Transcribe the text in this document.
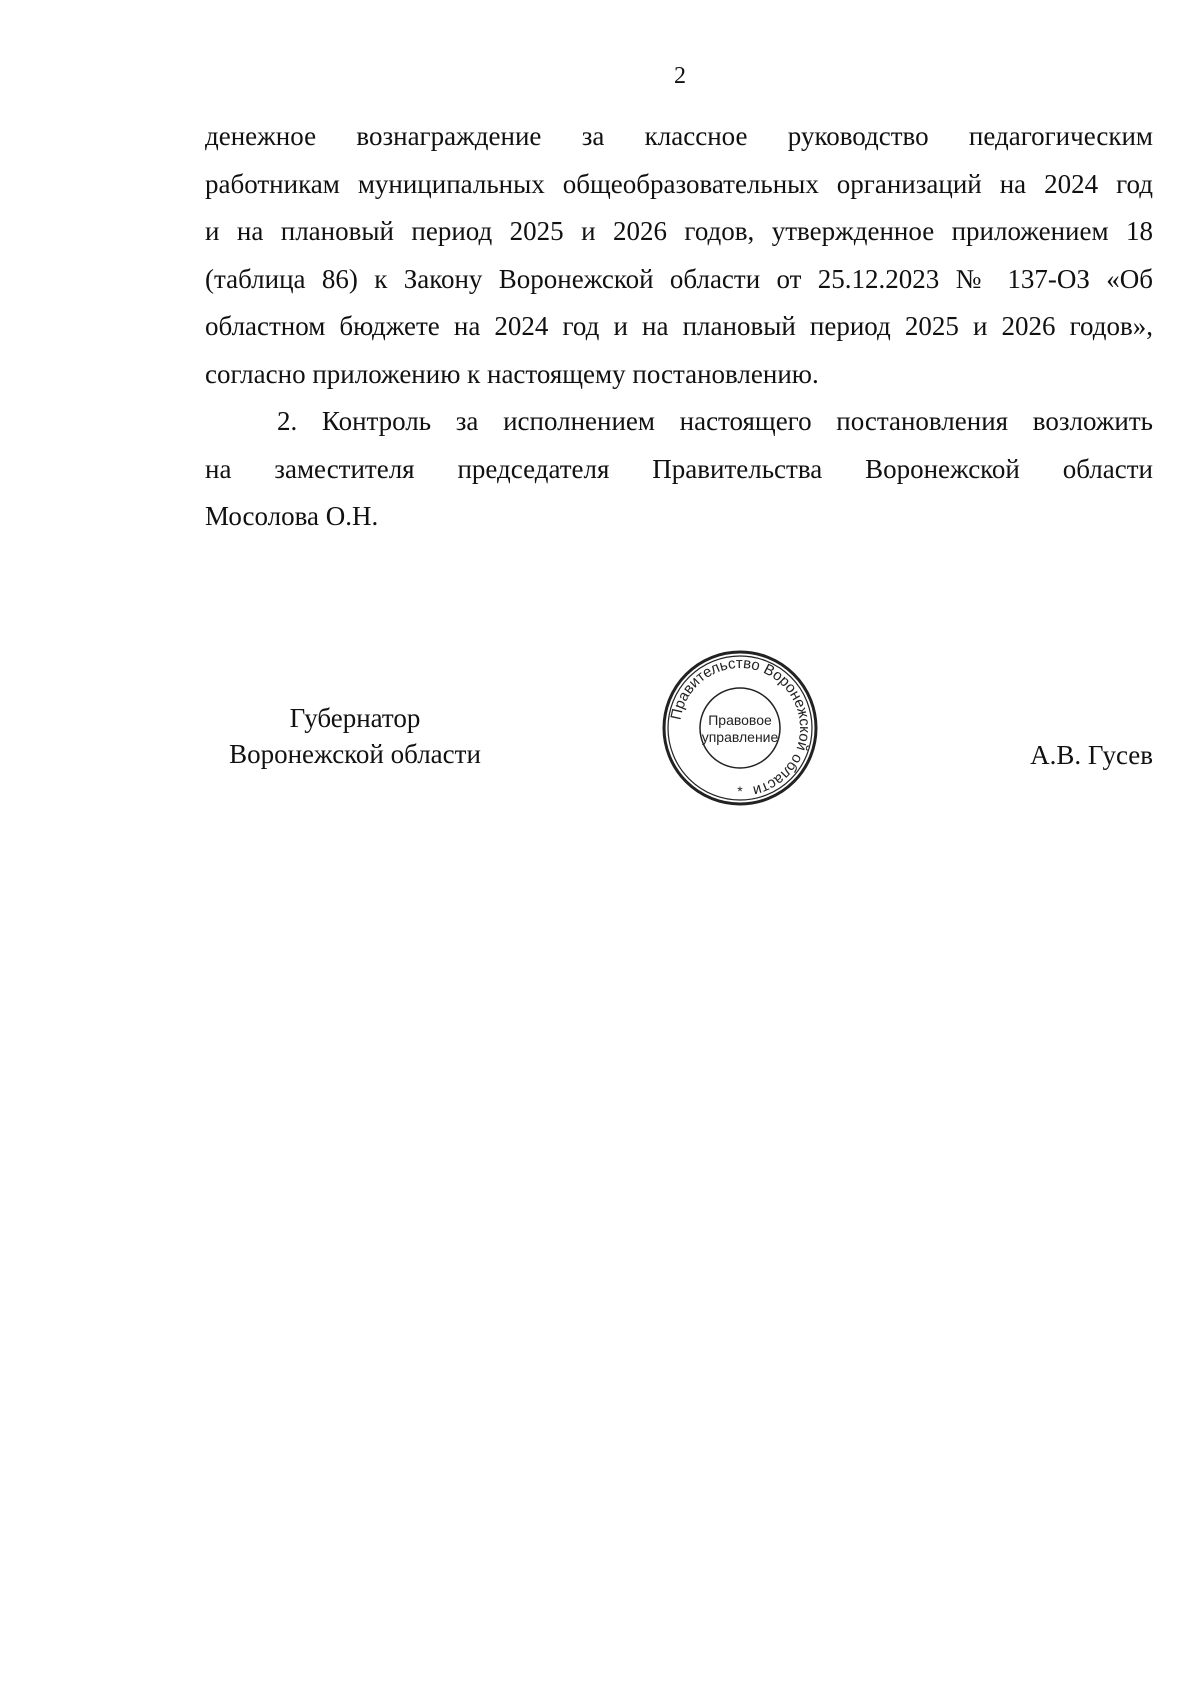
2

денежное вознаграждение за классное руководство педагогическим
работникам муниципальных общеобразовательных организаций на 2024 год
и на плановый период 2025 и 2026 годов, утвержденное приложением 18
(таблица 86) к Закону Воронежской области от 25.12.2023 № 137-ОЗ «Об
областном бюджете на 2024 год и на плановый период 2025 и 2026 годов»,
согласно приложению к настоящему постановлению.

2. Контроль за исполнением настоящего постановления возложить
на заместителя председателя Правительства Воронежской области
Мосолова О.Н.

Губернатор
Воронежской области
Правительство Воронежской области
Правовое
управление
*
А.В. Гусев
